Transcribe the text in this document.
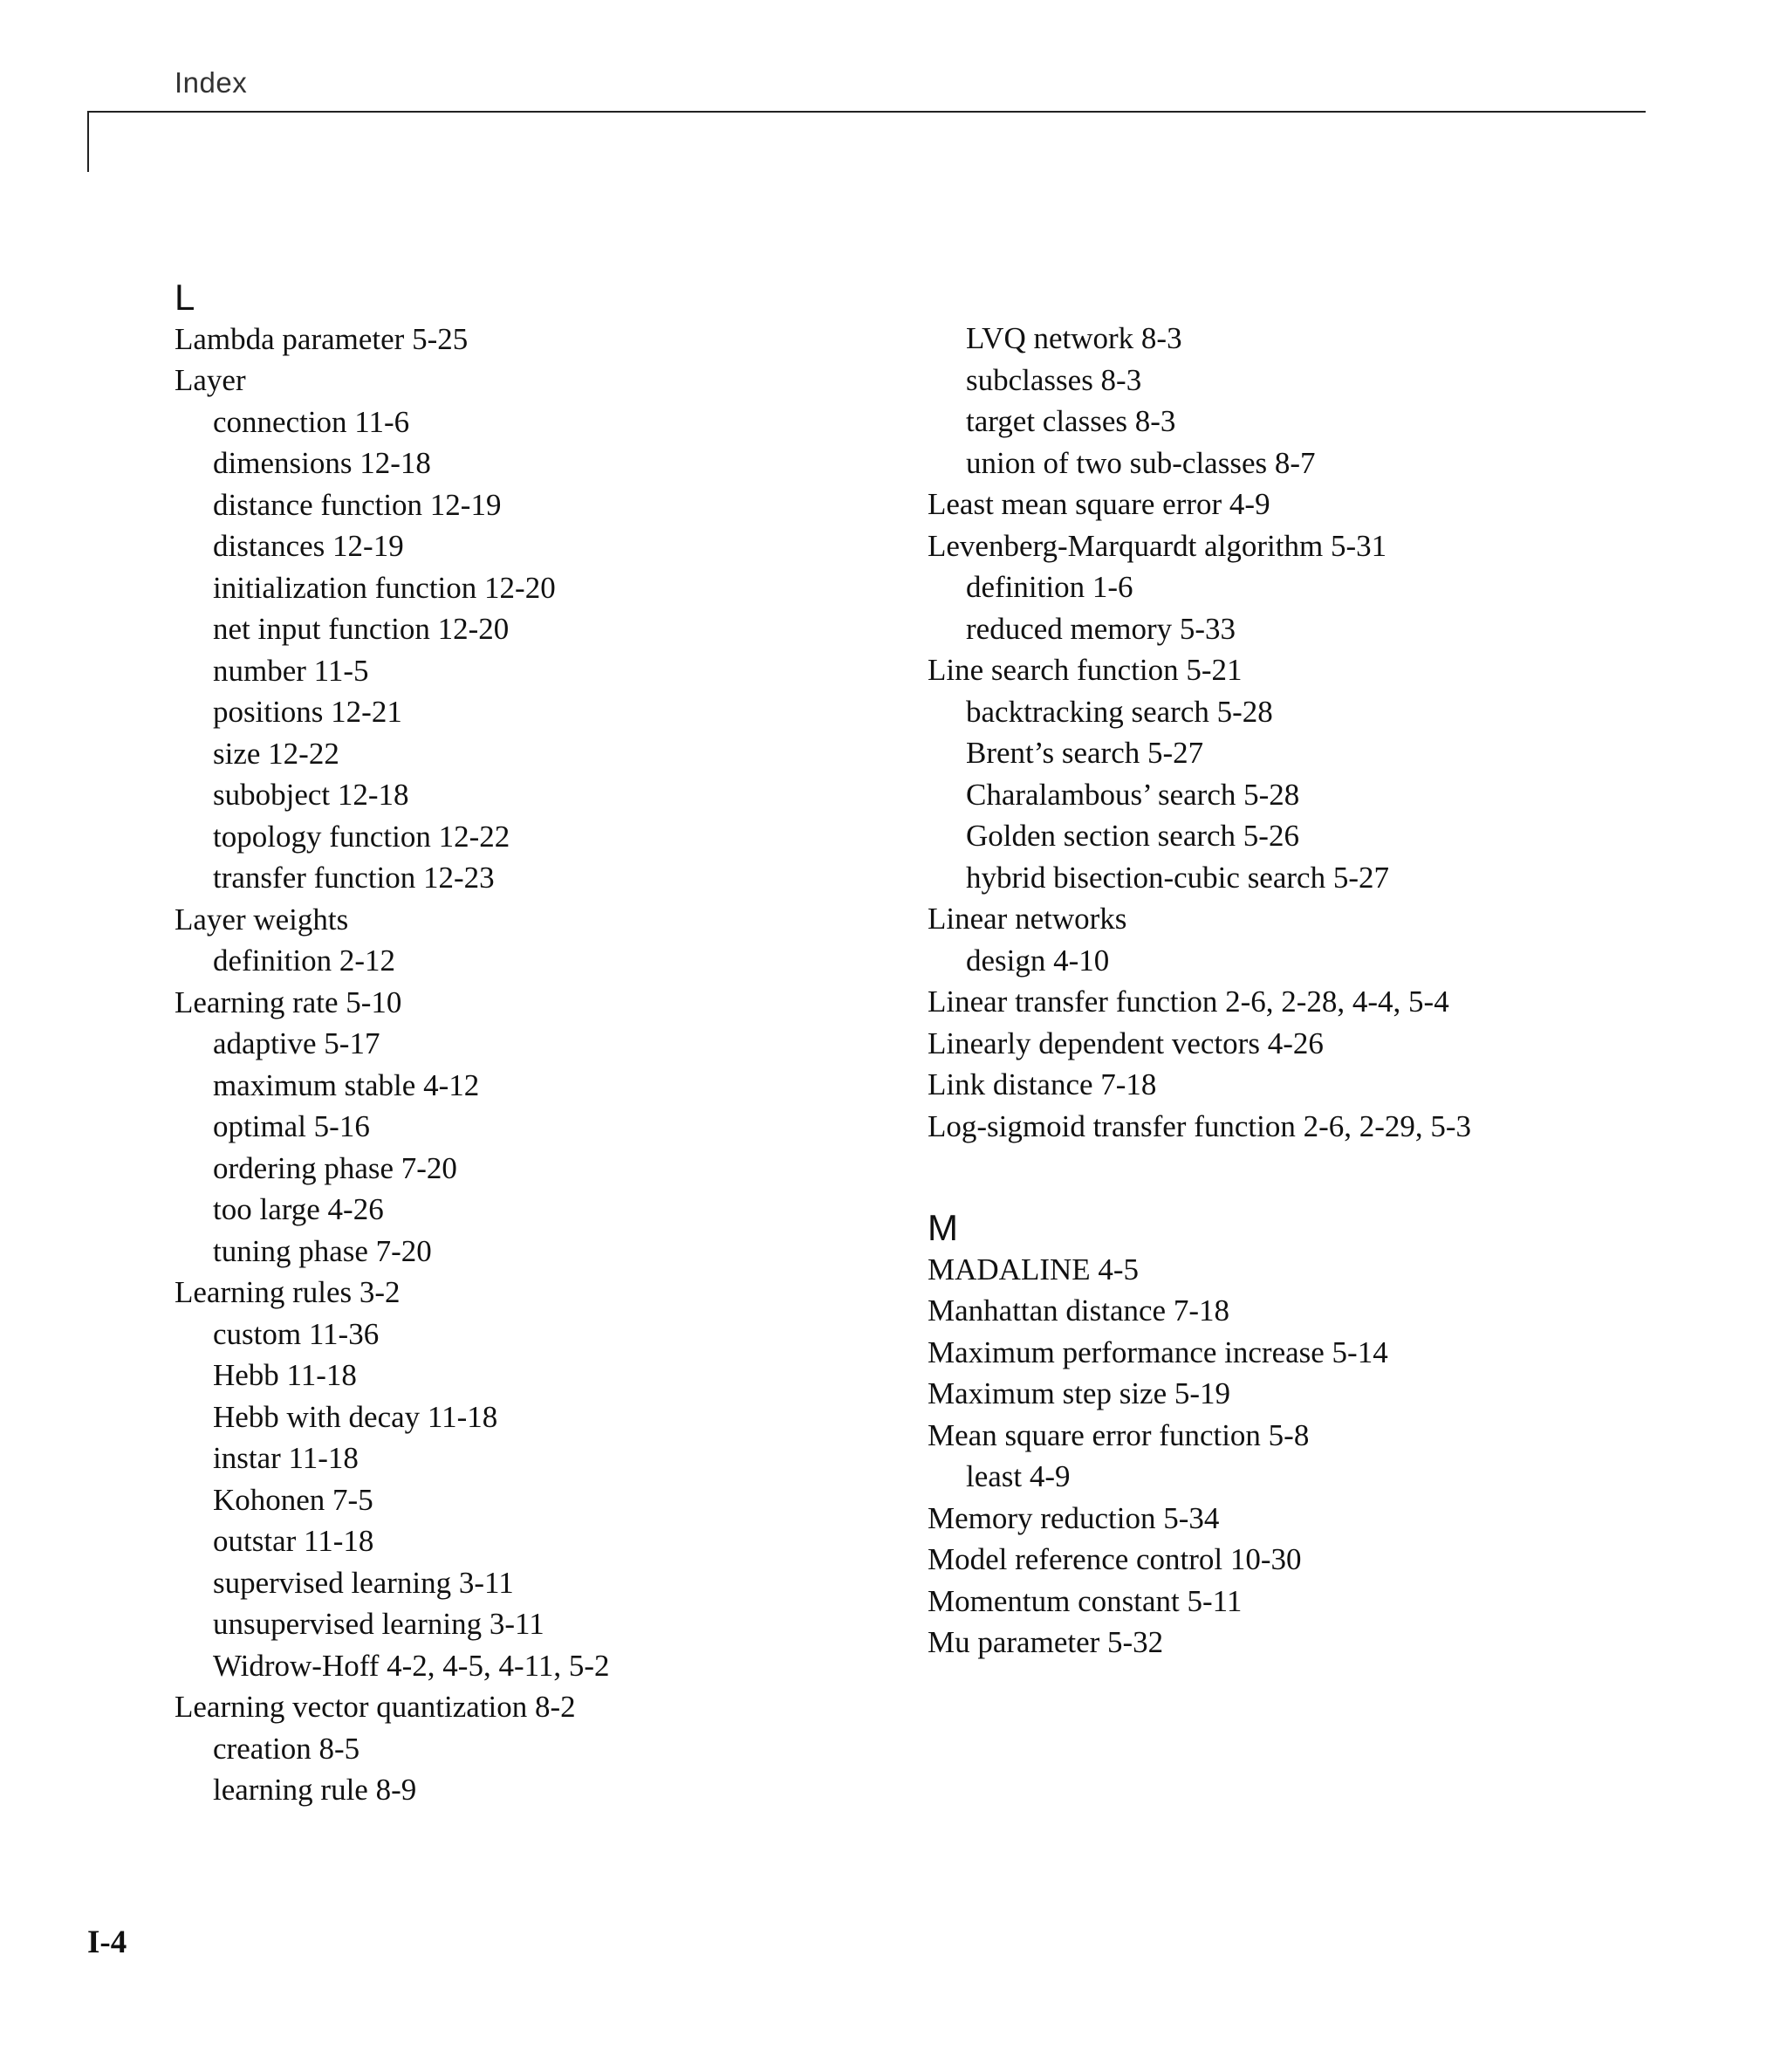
Index
L
Lambda parameter 5-25
Layer
connection 11-6
dimensions 12-18
distance function 12-19
distances 12-19
initialization function 12-20
net input function 12-20
number 11-5
positions 12-21
size 12-22
subobject 12-18
topology function 12-22
transfer function 12-23
Layer weights
definition 2-12
Learning rate 5-10
adaptive 5-17
maximum stable 4-12
optimal 5-16
ordering phase 7-20
too large 4-26
tuning phase 7-20
Learning rules 3-2
custom 11-36
Hebb 11-18
Hebb with decay 11-18
instar 11-18
Kohonen 7-5
outstar 11-18
supervised learning 3-11
unsupervised learning 3-11
Widrow-Hoff 4-2, 4-5, 4-11, 5-2
Learning vector quantization 8-2
creation 8-5
learning rule 8-9
LVQ network 8-3
subclasses 8-3
target classes 8-3
union of two sub-classes 8-7
Least mean square error 4-9
Levenberg-Marquardt algorithm 5-31
definition 1-6
reduced memory 5-33
Line search function 5-21
backtracking search 5-28
Brent’s search 5-27
Charalambous’ search 5-28
Golden section search 5-26
hybrid bisection-cubic search 5-27
Linear networks
design 4-10
Linear transfer function 2-6, 2-28, 4-4, 5-4
Linearly dependent vectors 4-26
Link distance 7-18
Log-sigmoid transfer function 2-6, 2-29, 5-3
M
MADALINE 4-5
Manhattan distance 7-18
Maximum performance increase 5-14
Maximum step size 5-19
Mean square error function 5-8
least 4-9
Memory reduction 5-34
Model reference control 10-30
Momentum constant 5-11
Mu parameter 5-32
I-4
